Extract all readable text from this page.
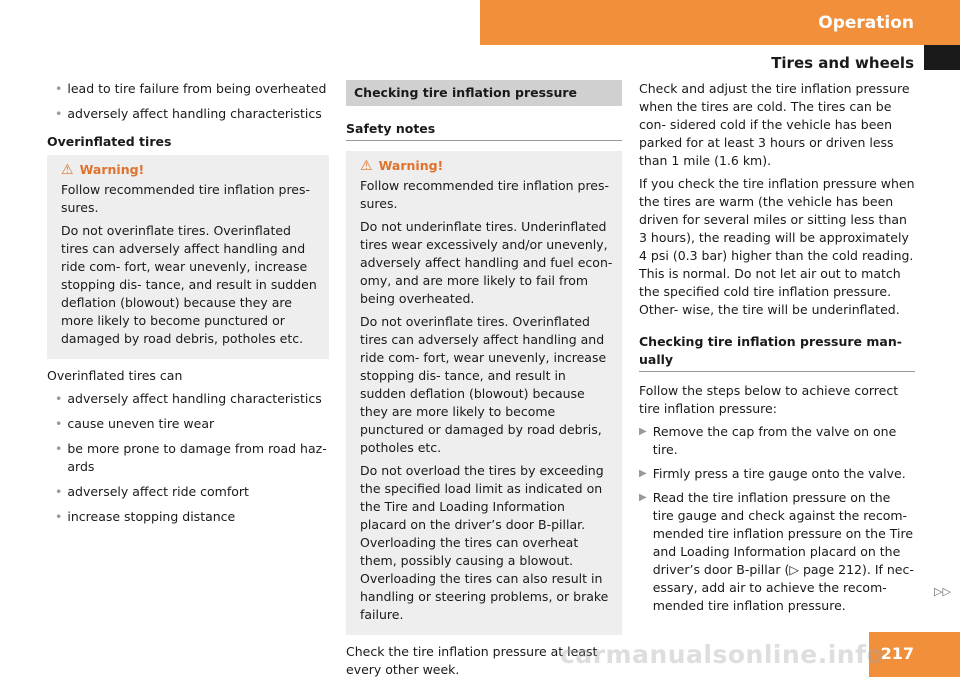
Operation
Tires and wheels
• lead to tire failure from being overheated
• adversely affect handling characteristics
Overinflated tires
⚠ Warning!

Follow recommended tire inflation pres- sures.

Do not overinflate tires. Overinflated tires can adversely affect handling and ride com- fort, wear unevenly, increase stopping dis- tance, and result in sudden deflation (blowout) because they are more likely to become punctured or damaged by road debris, potholes etc.

Overinflated tires can

• adversely affect handling characteristics
• cause uneven tire wear
• be more prone to damage from road haz- ards
• adversely affect ride comfort
• increase stopping distance
Checking tire inflation pressure
Safety notes
⚠ Warning!

Follow recommended tire inflation pres- sures.

Do not underinflate tires. Underinflated tires wear excessively and/or unevenly, adversely affect handling and fuel econ- omy, and are more likely to fail from being overheated.

Do not overinflate tires. Overinflated tires can adversely affect handling and ride com- fort, wear unevenly, increase stopping dis- tance, and result in sudden deflation (blowout) because they are more likely to become punctured or damaged by road debris, potholes etc.

Do not overload the tires by exceeding the specified load limit as indicated on the Tire and Loading Information placard on the driver’s door B-pillar. Overloading the tires can overheat them, possibly causing a blowout. Overloading the tires can also result in handling or steering problems, or brake failure.

Check the tire inflation pressure at least every other week.

Check and adjust the tire inflation pressure when the tires are cold. The tires can be con- sidered cold if the vehicle has been parked for at least 3 hours or driven less than 1 mile (1.6 km).

If you check the tire inflation pressure when the tires are warm (the vehicle has been driven for several miles or sitting less than 3 hours), the reading will be approximately 4 psi (0.3 bar) higher than the cold reading. This is normal. Do not let air out to match the specified cold tire inflation pressure. Other- wise, the tire will be underinflated.

Checking tire inflation pressure man- ually

Follow the steps below to achieve correct tire inflation pressure:

▶ Remove the cap from the valve on one tire.
▶ Firmly press a tire gauge onto the valve.
▶ Read the tire inflation pressure on the tire gauge and check against the recom- mended tire inflation pressure on the Tire and Loading Information placard on the driver’s door B-pillar (▷ page 212). If nec- essary, add air to achieve the recom- mended tire inflation pressure.
▷▷
217
carmanualsonline.info
